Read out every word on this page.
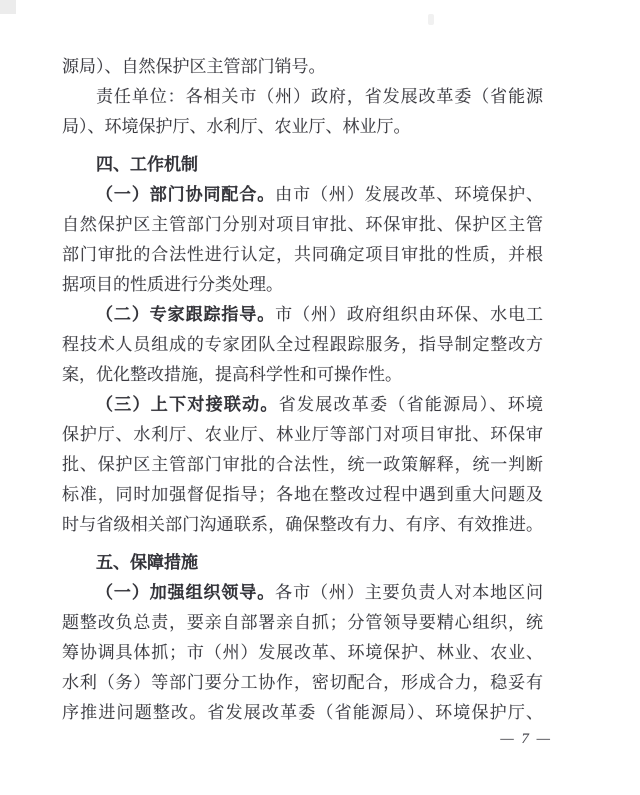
源局）、自然保护区主管部门销号。
责任单位：各相关市（州）政府，省发展改革委（省能源
局）、环境保护厅、水利厅、农业厅、林业厅。
四、工作机制
（一）部门协同配合。由市（州）发展改革、环境保护、
自然保护区主管部门分别对项目审批、环保审批、保护区主管
部门审批的合法性进行认定，共同确定项目审批的性质，并根
据项目的性质进行分类处理。
（二）专家跟踪指导。市（州）政府组织由环保、水电工
程技术人员组成的专家团队全过程跟踪服务，指导制定整改方
案，优化整改措施，提高科学性和可操作性。
（三）上下对接联动。省发展改革委（省能源局）、环境
保护厅、水利厅、农业厅、林业厅等部门对项目审批、环保审
批、保护区主管部门审批的合法性，统一政策解释，统一判断
标准，同时加强督促指导；各地在整改过程中遇到重大问题及
时与省级相关部门沟通联系，确保整改有力、有序、有效推进。
五、保障措施
（一）加强组织领导。各市（州）主要负责人对本地区问
题整改负总责，要亲自部署亲自抓；分管领导要精心组织，统
筹协调具体抓；市（州）发展改革、环境保护、林业、农业、
水利（务）等部门要分工协作，密切配合，形成合力，稳妥有
序推进问题整改。省发展改革委（省能源局）、环境保护厅、
— 7 —
